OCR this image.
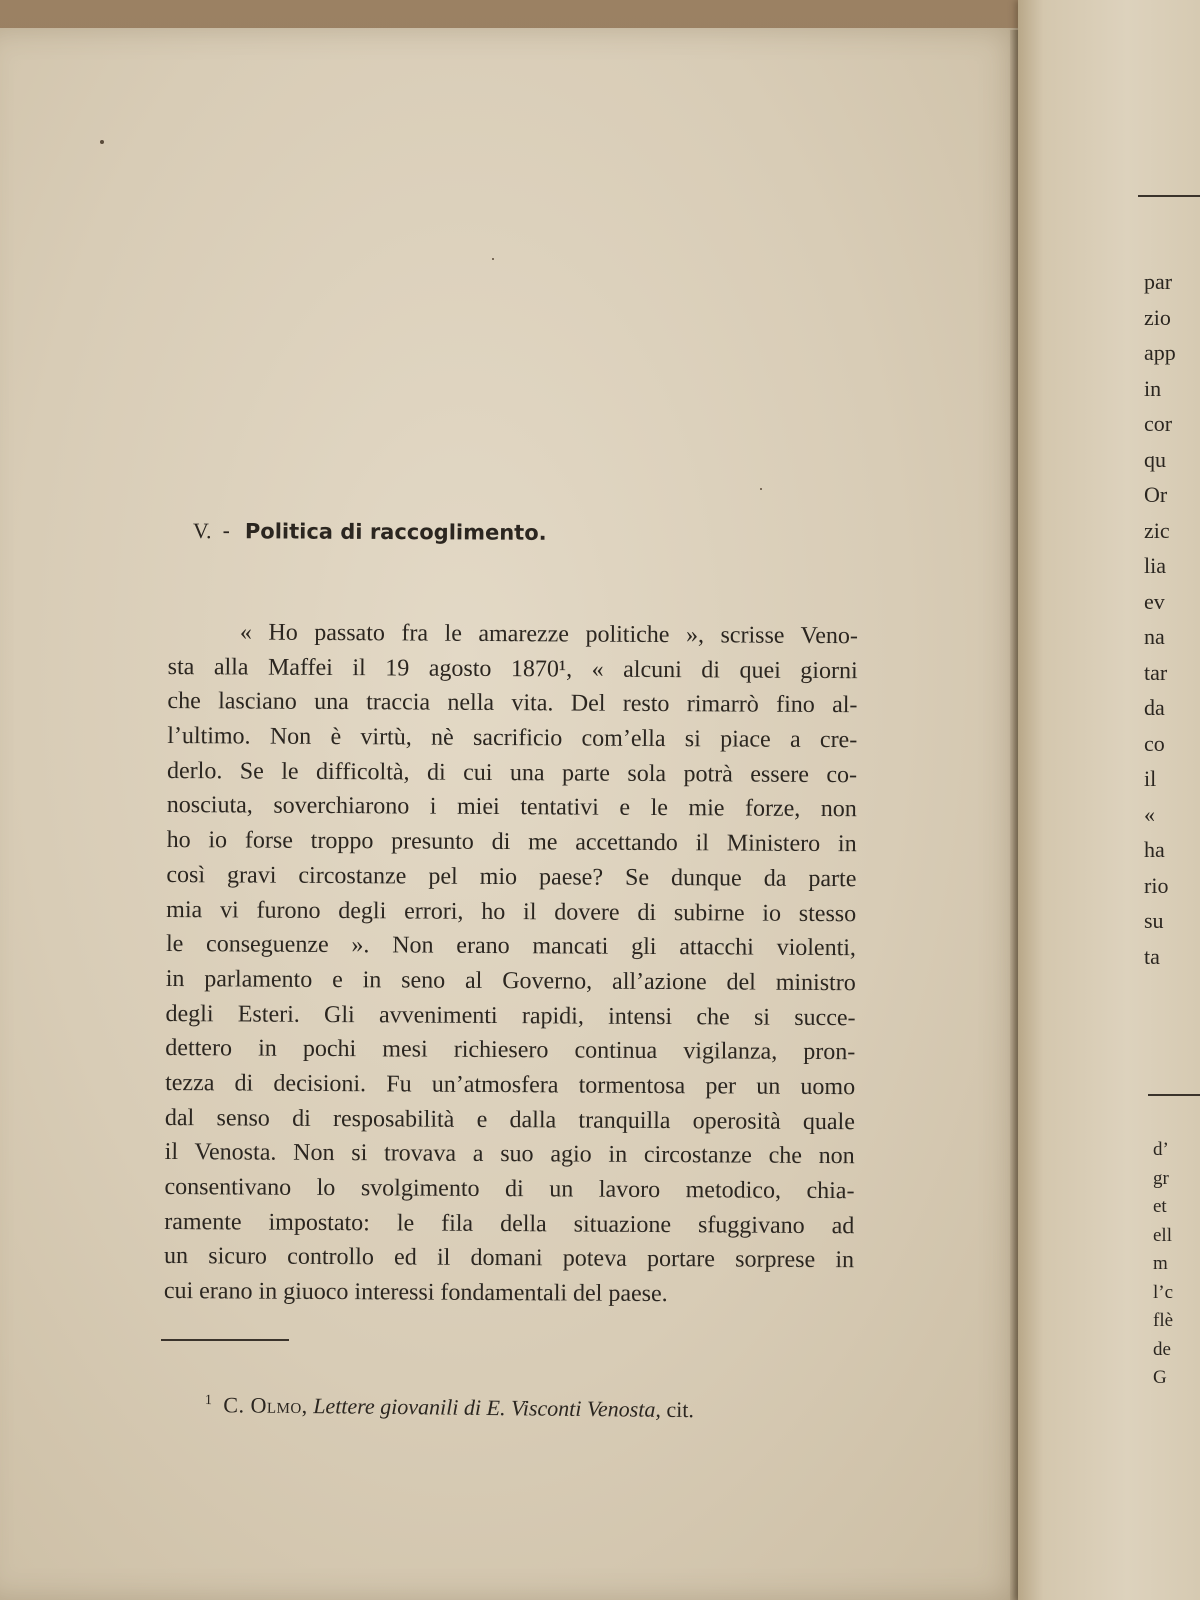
V. - Politica di raccoglimento.
« Ho passato fra le amarezze politiche », scrisse Veno-
sta alla Maffei il 19 agosto 1870¹, « alcuni di quei giorni
che lasciano una traccia nella vita. Del resto rimarrò fino al-
l’ultimo. Non è virtù, nè sacrificio com’ella si piace a cre-
derlo. Se le difficoltà, di cui una parte sola potrà essere co-
nosciuta, soverchiarono i miei tentativi e le mie forze, non
ho io forse troppo presunto di me accettando il Ministero in
così gravi circostanze pel mio paese? Se dunque da parte
mia vi furono degli errori, ho il dovere di subirne io stesso
le conseguenze ». Non erano mancati gli attacchi violenti,
in parlamento e in seno al Governo, all’azione del ministro
degli Esteri. Gli avvenimenti rapidi, intensi che si succe-
dettero in pochi mesi richiesero continua vigilanza, pron-
tezza di decisioni. Fu un’atmosfera tormentosa per un uomo
dal senso di resposabilità e dalla tranquilla operosità quale
il Venosta. Non si trovava a suo agio in circostanze che non
consentivano lo svolgimento di un lavoro metodico, chia-
ramente impostato: le fila della situazione sfuggivano ad
un sicuro controllo ed il domani poteva portare sorprese in
cui erano in giuoco interessi fondamentali del paese.
$^1$ C. Olmo, Lettere giovanili di E. Visconti Venosta, cit.
par
zio
app
in
cor
qu
Or
zic
lia
ev
na
tar
da
co
il
«
ha
rio
su
ta
d’
gr
et
ell
m
l’c
flè
de
G
